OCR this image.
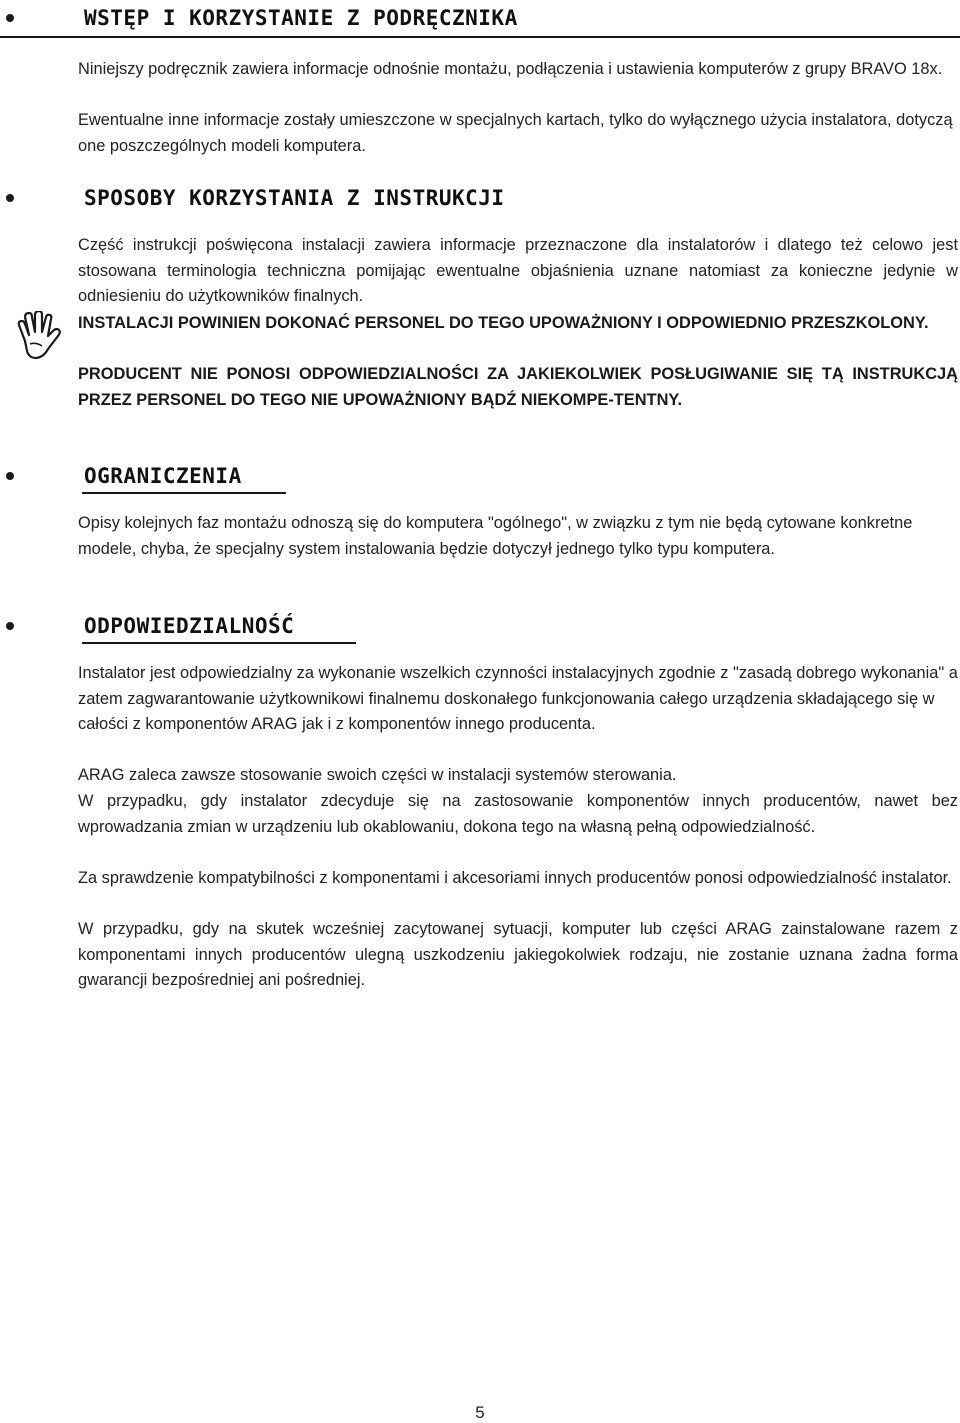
WSTĘP I KORZYSTANIE Z PODRĘCZNIKA

Niniejszy podręcznik zawiera informacje odnośnie montażu, podłączenia i ustawienia komputerów z grupy BRAVO 18x.

Ewentualne inne informacje zostały umieszczone w specjalnych kartach, tylko do wyłącznego użycia instalatora, dotyczą one poszczególnych modeli komputera.

SPOSOBY KORZYSTANIA Z INSTRUKCJI

Część instrukcji poświęcona instalacji zawiera informacje przeznaczone dla instalatorów i dlatego też celowo jest stosowana terminologia techniczna pomijając ewentualne objaśnienia uznane natomiast za konieczne jedynie w odniesieniu do użytkowników finalnych.

INSTALACJI POWINIEN DOKONAĆ PERSONEL DO TEGO UPOWAŻNIONY I ODPOWIEDNIO PRZESZKOLONY.

PRODUCENT NIE PONOSI ODPOWIEDZIALNOŚCI ZA JAKIEKOLWIEK POSŁUGIWANIE SIĘ TĄ INSTRUKCJĄ PRZEZ PERSONEL DO TEGO NIE UPOWAŻNIONY BĄDŹ NIEKOMPE-TENTNY.

OGRANICZENIA

Opisy kolejnych faz montażu odnoszą się do komputera "ogólnego", w związku z tym nie będą cytowane konkretne modele, chyba, że specjalny system instalowania będzie dotyczył jednego tylko typu komputera.

ODPOWIEDZIALNOŚĆ

Instalator jest odpowiedzialny za wykonanie wszelkich czynności instalacyjnych zgodnie z "zasadą dobrego wykonania" a zatem zagwarantowanie użytkownikowi finalnemu doskonałego funkcjonowania całego urządzenia składającego się w całości z komponentów ARAG jak i z komponentów innego producenta.

ARAG zaleca zawsze stosowanie swoich części w instalacji systemów sterowania.

W przypadku, gdy instalator zdecyduje się na zastosowanie komponentów innych producentów, nawet bez wprowadzania zmian w urządzeniu lub okablowaniu, dokona tego na własną pełną odpowiedzialność.

Za sprawdzenie kompatybilności z komponentami i akcesoriami innych producentów ponosi odpowiedzialność instalator.

W przypadku, gdy na skutek wcześniej zacytowanej sytuacji, komputer lub części ARAG zainstalowane razem z komponentami innych producentów ulegną uszkodzeniu jakiegokolwiek rodzaju, nie zostanie uznana żadna forma gwarancji bezpośredniej ani pośredniej.

5
